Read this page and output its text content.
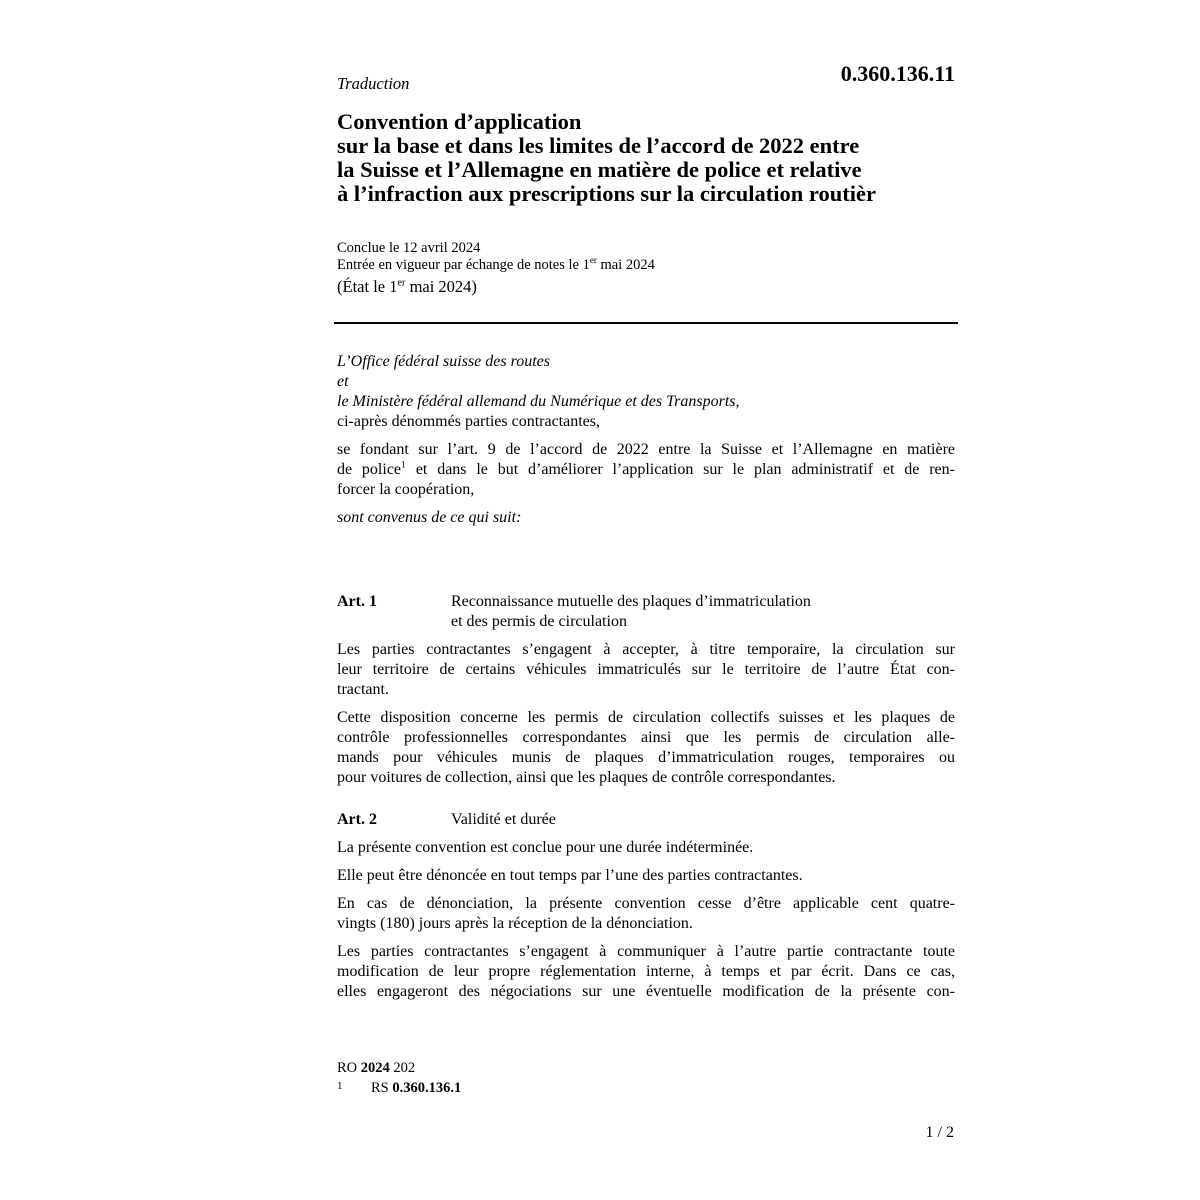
Traduction	0.360.136.11
Convention d’application
sur la base et dans les limites de l’accord de 2022 entre
la Suisse et l’Allemagne en matière de police et relative
à l’infraction aux prescriptions sur la circulation routièr
Conclue le 12 avril 2024
Entrée en vigueur par échange de notes le 1er mai 2024
(État le 1er mai 2024)
L’Office fédéral suisse des routes
et
le Ministère fédéral allemand du Numérique et des Transports,
ci-après dénommés parties contractantes,
se fondant sur l’art. 9 de l’accord de 2022 entre la Suisse et l’Allemagne en matière
de police$^1$ et dans le but d’améliorer l’application sur le plan administratif et de ren-
forcer la coopération,
sont convenus de ce qui suit:
Art. 1	Reconnaissance mutuelle des plaques d’immatriculation
et des permis de circulation
Les parties contractantes s’engagent à accepter, à titre temporaire, la circulation sur
leur territoire de certains véhicules immatriculés sur le territoire de l’autre État con-
tractant.
Cette disposition concerne les permis de circulation collectifs suisses et les plaques de
contrôle professionnelles correspondantes ainsi que les permis de circulation alle-
mands pour véhicules munis de plaques d’immatriculation rouges, temporaires ou
pour voitures de collection, ainsi que les plaques de contrôle correspondantes.
Art. 2	Validité et durée
La présente convention est conclue pour une durée indéterminée.
Elle peut être dénoncée en tout temps par l’une des parties contractantes.
En cas de dénonciation, la présente convention cesse d’être applicable cent quatre-
vingts (180) jours après la réception de la dénonciation.
Les parties contractantes s’engagent à communiquer à l’autre partie contractante toute
modification de leur propre réglementation interne, à temps et par écrit. Dans ce cas,
elles engageront des négociations sur une éventuelle modification de la présente con-
RO 2024 202
1	RS 0.360.136.1
1 / 2
